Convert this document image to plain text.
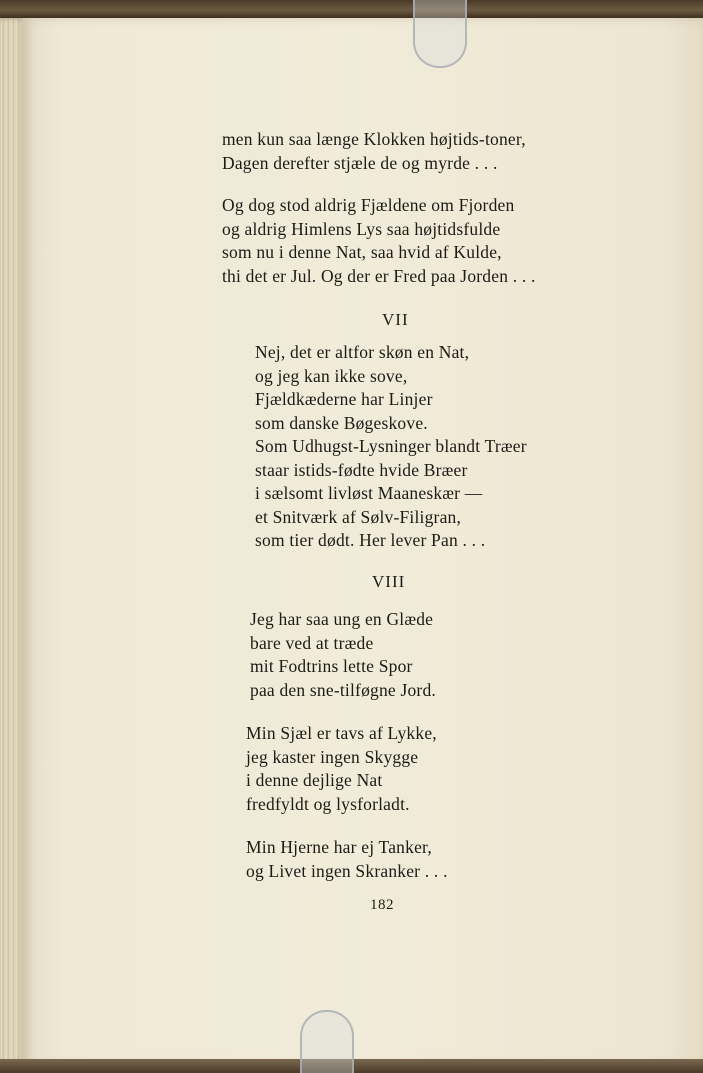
men kun saa længe Klokken højtids-toner,
Dagen derefter stjæle de og myrde . . .
Og dog stod aldrig Fjældene om Fjorden
og aldrig Himlens Lys saa højtidsfulde
som nu i denne Nat, saa hvid af Kulde,
thi det er Jul. Og der er Fred paa Jorden . . .
VII
Nej, det er altfor skøn en Nat,
og jeg kan ikke sove,
Fjældkæderne har Linjer
som danske Bøgeskove.
Som Udhugst-Lysninger blandt Træer
staar istids-fødte hvide Bræer
i sælsomt livløst Maaneskær —
et Snitværk af Sølv-Filigran,
som tier dødt. Her lever Pan . . .
VIII
Jeg har saa ung en Glæde
bare ved at træde
mit Fodtrins lette Spor
paa den sne-tilføgne Jord.
Min Sjæl er tavs af Lykke,
jeg kaster ingen Skygge
i denne dejlige Nat
fredfyldt og lysforladt.
Min Hjerne har ej Tanker,
og Livet ingen Skranker . . .
182
